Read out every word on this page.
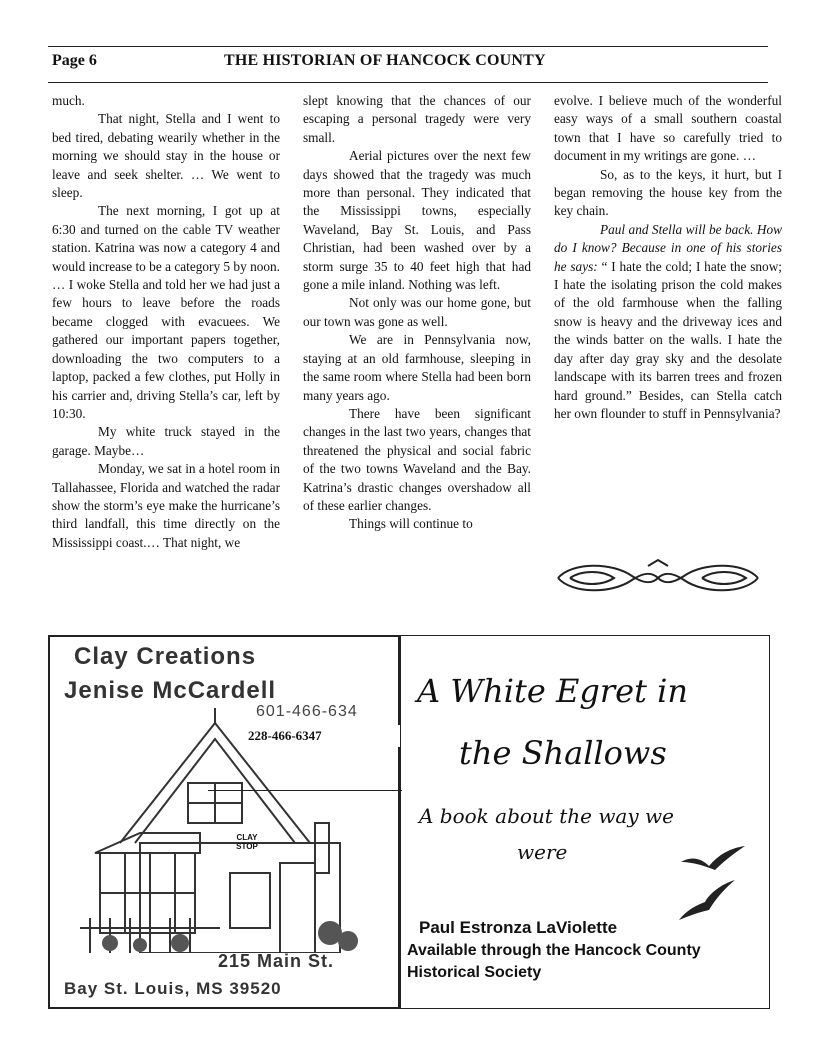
Page 6	THE HISTORIAN OF HANCOCK COUNTY

much.

That night, Stella and I went to bed tired, debating wearily whether in the morning we should stay in the house or leave and seek shelter. … We went to sleep.

The next morning, I got up at 6:30 and turned on the cable TV weather station. Katrina was now a category 4 and would increase to be a category 5 by noon. … I woke Stella and told her we had just a few hours to leave before the roads became clogged with evacuees. We gathered our important papers together, downloading the two computers to a laptop, packed a few clothes, put Holly in his carrier and, driving Stella’s car, left by 10:30.

My white truck stayed in the garage. Maybe…

Monday, we sat in a hotel room in Tallahassee, Florida and watched the radar show the storm’s eye make the hurricane’s third landfall, this time directly on the Mississippi coast.… That night, we

slept knowing that the chances of our escaping a personal tragedy were very small.

Aerial pictures over the next few days showed that the tragedy was much more than personal. They indicated that the Mississippi towns, especially Waveland, Bay St. Louis, and Pass Christian, had been washed over by a storm surge 35 to 40 feet high that had gone a mile inland. Nothing was left.

Not only was our home gone, but our town was gone as well.

We are in Pennsylvania now, staying at an old farmhouse, sleeping in the same room where Stella had been born many years ago.

There have been significant changes in the last two years, changes that threatened the physical and social fabric of the two towns Waveland and the Bay. Katrina’s drastic changes overshadow all of these earlier changes.

Things will continue to

evolve. I believe much of the wonderful easy ways of a small southern coastal town that I have so carefully tried to document in my writings are gone. …

So, as to the keys, it hurt, but I began removing the house key from the key chain.

Paul and Stella will be back. How do I know? Because in one of his stories he says: “ I hate the cold; I hate the snow; I hate the isolating prison the cold makes of the old farmhouse when the falling snow is heavy and the driveway ices and the winds batter on the walls. I hate the day after day gray sky and the desolate landscape with its barren trees and frozen hard ground.” Besides, can Stella catch her own flounder to stuff in Pennsylvania?

Clay Creations
Jenise McCardell
601-466-634
228-466-6347
CLAY STOP
215 Main St.
Bay St. Louis, MS 39520
A White Egret in
the Shallows
A book about the way we
were
Paul Estronza LaViolette
Available through the Hancock County
Historical Society
